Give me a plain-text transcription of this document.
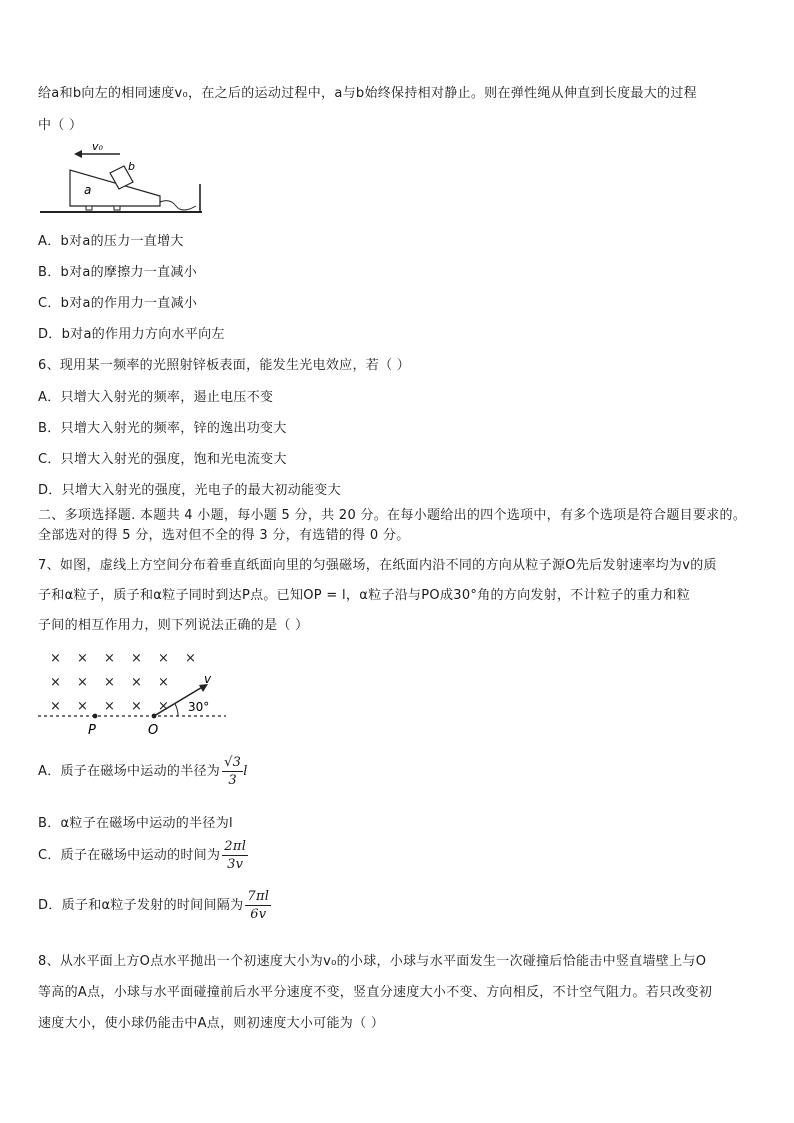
给a和b向左的相同速度v₀，在之后的运动过程中，a与b始终保持相对静止。则在弹性绳从伸直到长度最大的过程
中（ ）
v₀
a
b
A．b对a的压力一直增大
B．b对a的摩擦力一直减小
C．b对a的作用力一直减小
D．b对a的作用力方向水平向左
6、现用某一频率的光照射锌板表面，能发生光电效应，若（ ）
A．只增大入射光的频率，遏止电压不变
B．只增大入射光的频率，锌的逸出功变大
C．只增大入射光的强度，饱和光电流变大
D．只增大入射光的强度，光电子的最大初动能变大
二、多项选择题. 本题共 4 小题，每小题 5 分，共 20 分。在每小题给出的四个选项中，有多个选项是符合题目要求的。
全部选对的得 5 分，选对但不全的得 3 分，有选错的得 0 分。
7、如图，虚线上方空间分布着垂直纸面向里的匀强磁场，在纸面内沿不同的方向从粒子源O先后发射速率均为v的质
子和α粒子，质子和α粒子同时到达P点。已知OP = l，α粒子沿与PO成30°角的方向发射，不计粒子的重力和粒
子间的相互作用力，则下列说法正确的是（ ）
× × × × × ×
× × × × ×
× × × × ×
P	O
v
30°
A．质子在磁场中运动的半径为 $\frac{√3}{3}$ l
B．α粒子在磁场中运动的半径为l
C．质子在磁场中运动的时间为 $\frac{2\pi l}{3v}$
D．质子和α粒子发射的时间间隔为 $\frac{7\pi l}{6v}$
8、从水平面上方O点水平抛出一个初速度大小为v₀的小球，小球与水平面发生一次碰撞后恰能击中竖直墙壁上与O
等高的A点，小球与水平面碰撞前后水平分速度不变，竖直分速度大小不变、方向相反，不计空气阻力。若只改变初
速度大小，使小球仍能击中A点，则初速度大小可能为（ ）
